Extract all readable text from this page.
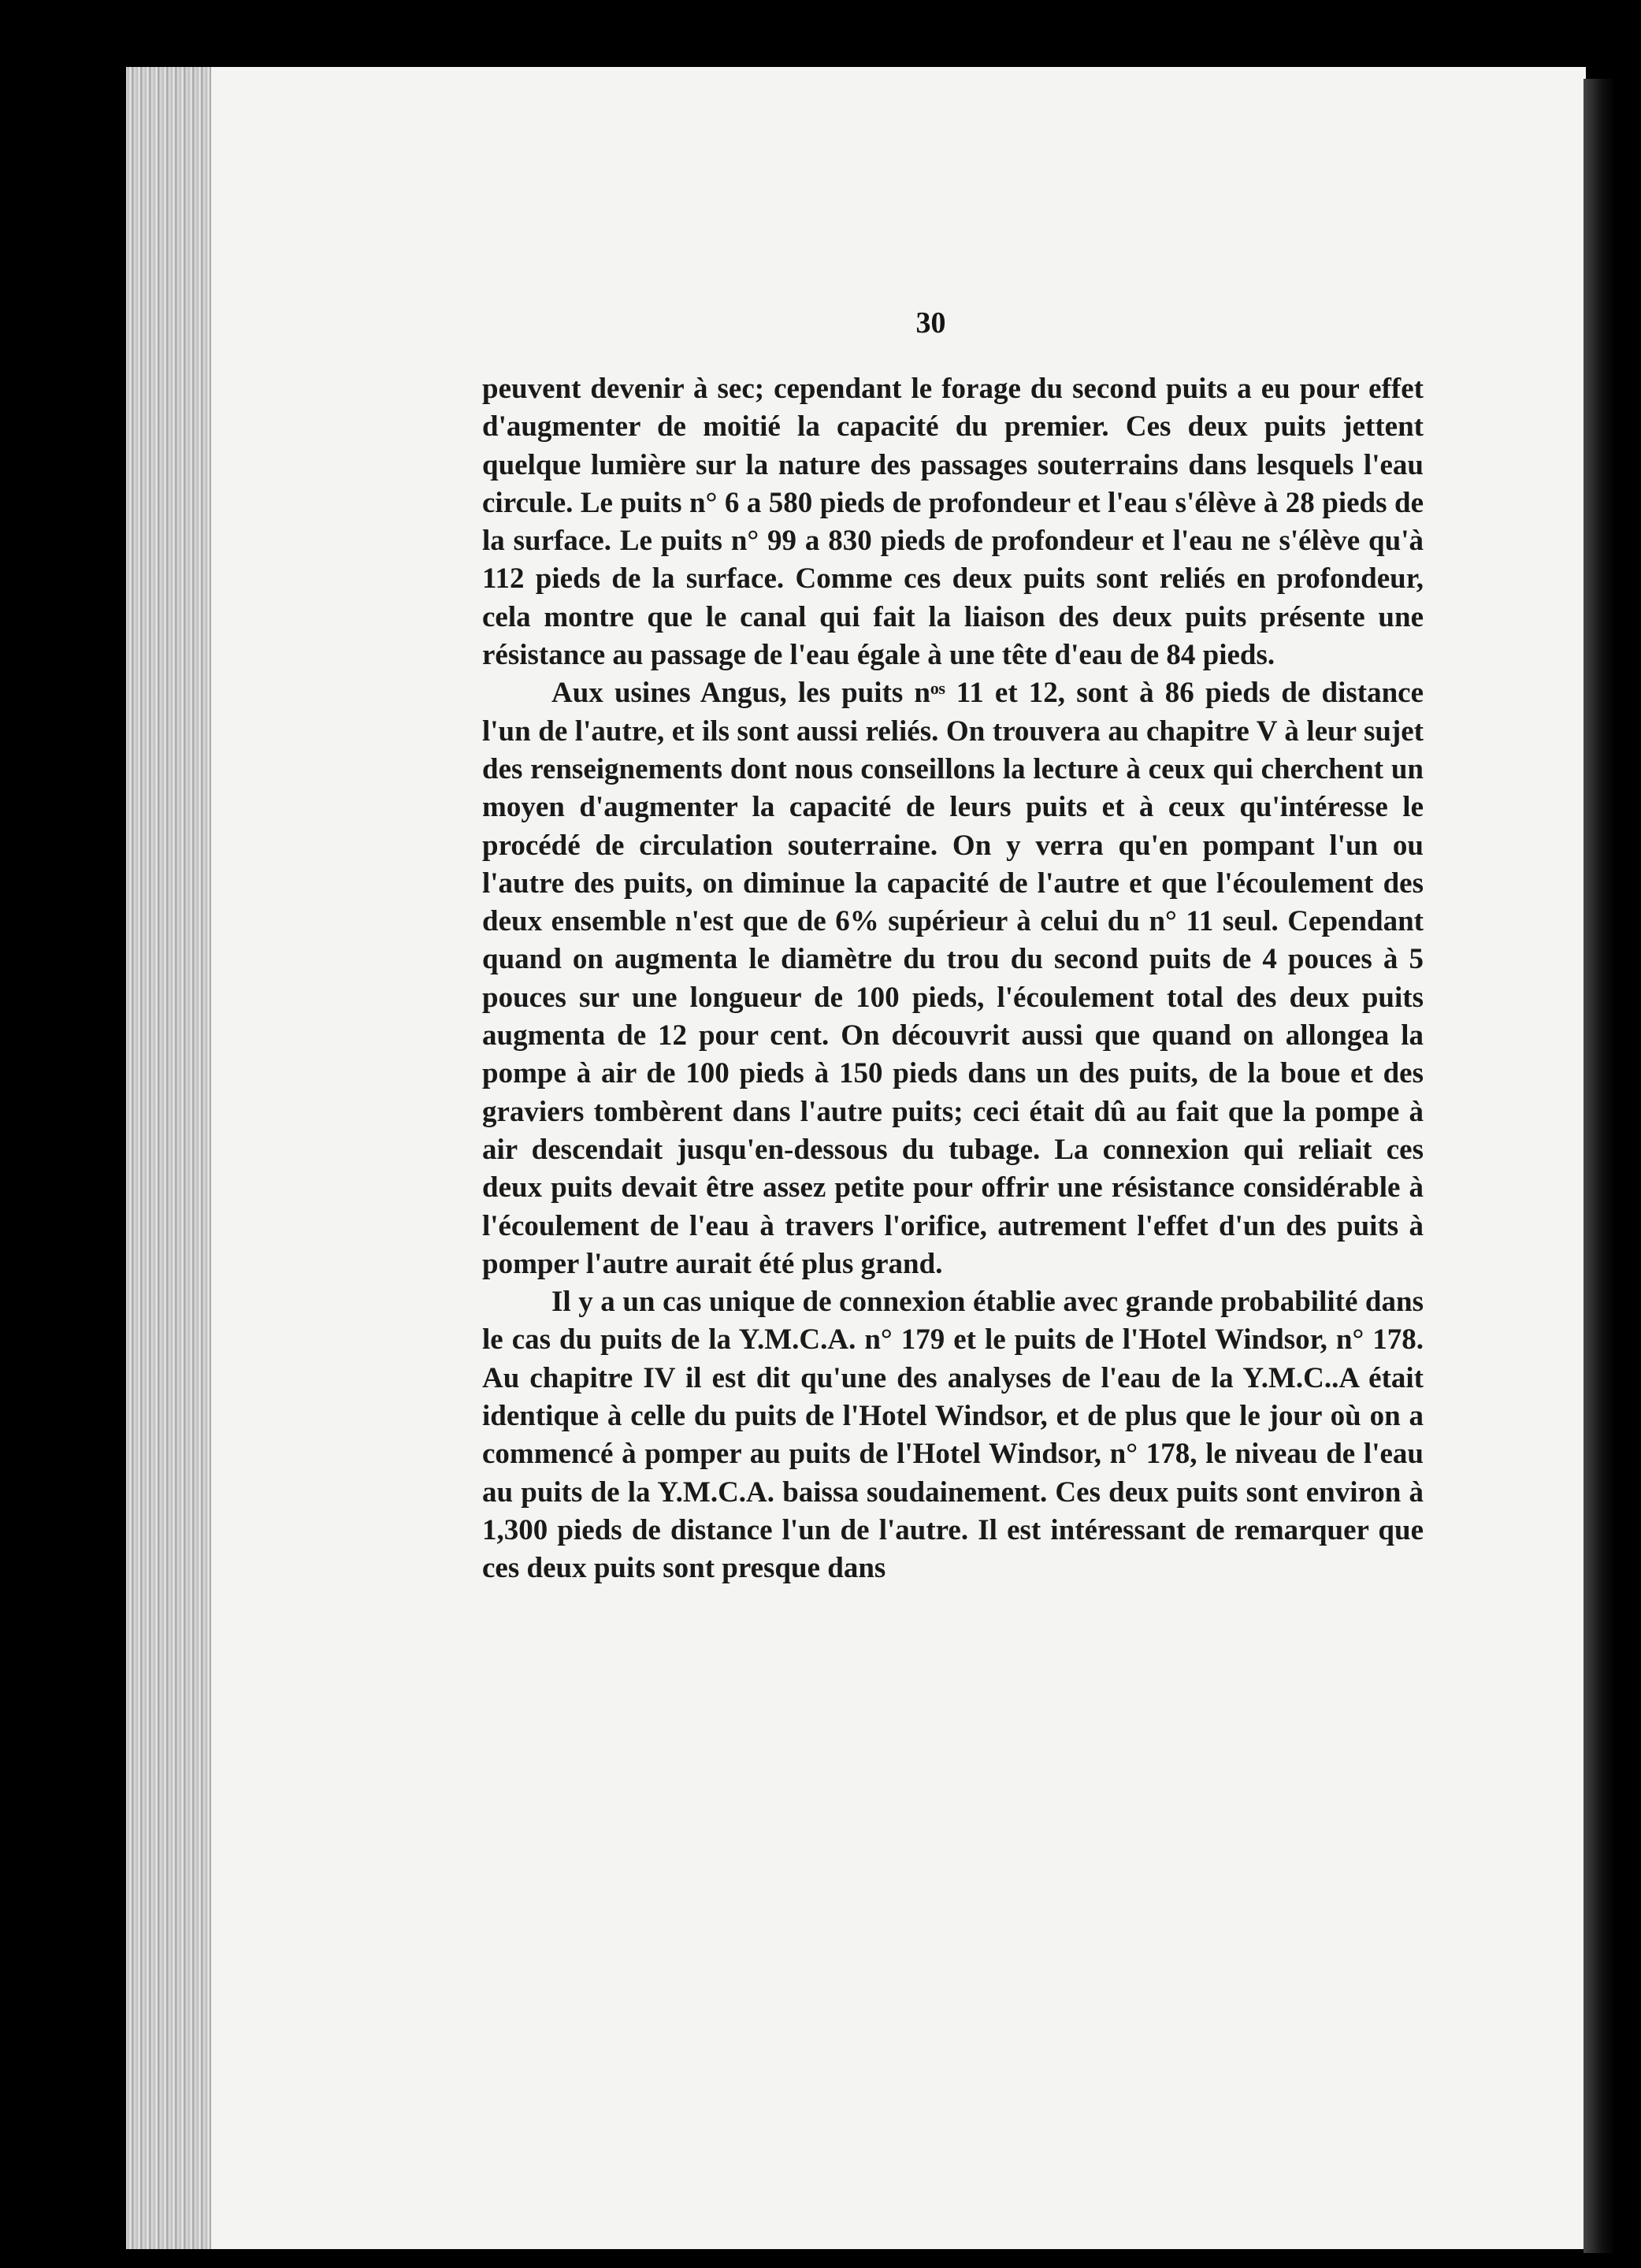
30

peuvent devenir à sec; cependant le forage du second puits a eu pour effet d'augmenter de moitié la capacité du premier. Ces deux puits jettent quelque lumière sur la nature des passages souterrains dans lesquels l'eau circule. Le puits n° 6 a 580 pieds de profondeur et l'eau s'élève à 28 pieds de la surface. Le puits n° 99 a 830 pieds de profondeur et l'eau ne s'élève qu'à 112 pieds de la surface. Comme ces deux puits sont reliés en profondeur, cela montre que le canal qui fait la liaison des deux puits présente une résistance au passage de l'eau égale à une tête d'eau de 84 pieds.

Aux usines Angus, les puits nᵒˢ 11 et 12, sont à 86 pieds de distance l'un de l'autre, et ils sont aussi reliés. On trouvera au chapitre V à leur sujet des renseignements dont nous conseillons la lecture à ceux qui cherchent un moyen d'augmenter la capacité de leurs puits et à ceux qu'intéresse le procédé de circulation souterraine. On y verra qu'en pompant l'un ou l'autre des puits, on diminue la capacité de l'autre et que l'écoulement des deux ensemble n'est que de 6% supérieur à celui du n° 11 seul. Cependant quand on augmenta le diamètre du trou du second puits de 4 pouces à 5 pouces sur une longueur de 100 pieds, l'écoulement total des deux puits augmenta de 12 pour cent. On découvrit aussi que quand on allongea la pompe à air de 100 pieds à 150 pieds dans un des puits, de la boue et des graviers tombèrent dans l'autre puits; ceci était dû au fait que la pompe à air descendait jusqu'en-dessous du tubage. La connexion qui reliait ces deux puits devait être assez petite pour offrir une résistance considérable à l'écoulement de l'eau à travers l'orifice, autrement l'effet d'un des puits à pomper l'autre aurait été plus grand.

Il y a un cas unique de connexion établie avec grande probabilité dans le cas du puits de la Y.M.C.A. n° 179 et le puits de l'Hotel Windsor, n° 178. Au chapitre IV il est dit qu'une des analyses de l'eau de la Y.M.C..A était identique à celle du puits de l'Hotel Windsor, et de plus que le jour où on a commencé à pomper au puits de l'Hotel Windsor, n° 178, le niveau de l'eau au puits de la Y.M.C.A. baissa soudainement. Ces deux puits sont environ à 1,300 pieds de distance l'un de l'autre. Il est intéressant de remarquer que ces deux puits sont presque dans
